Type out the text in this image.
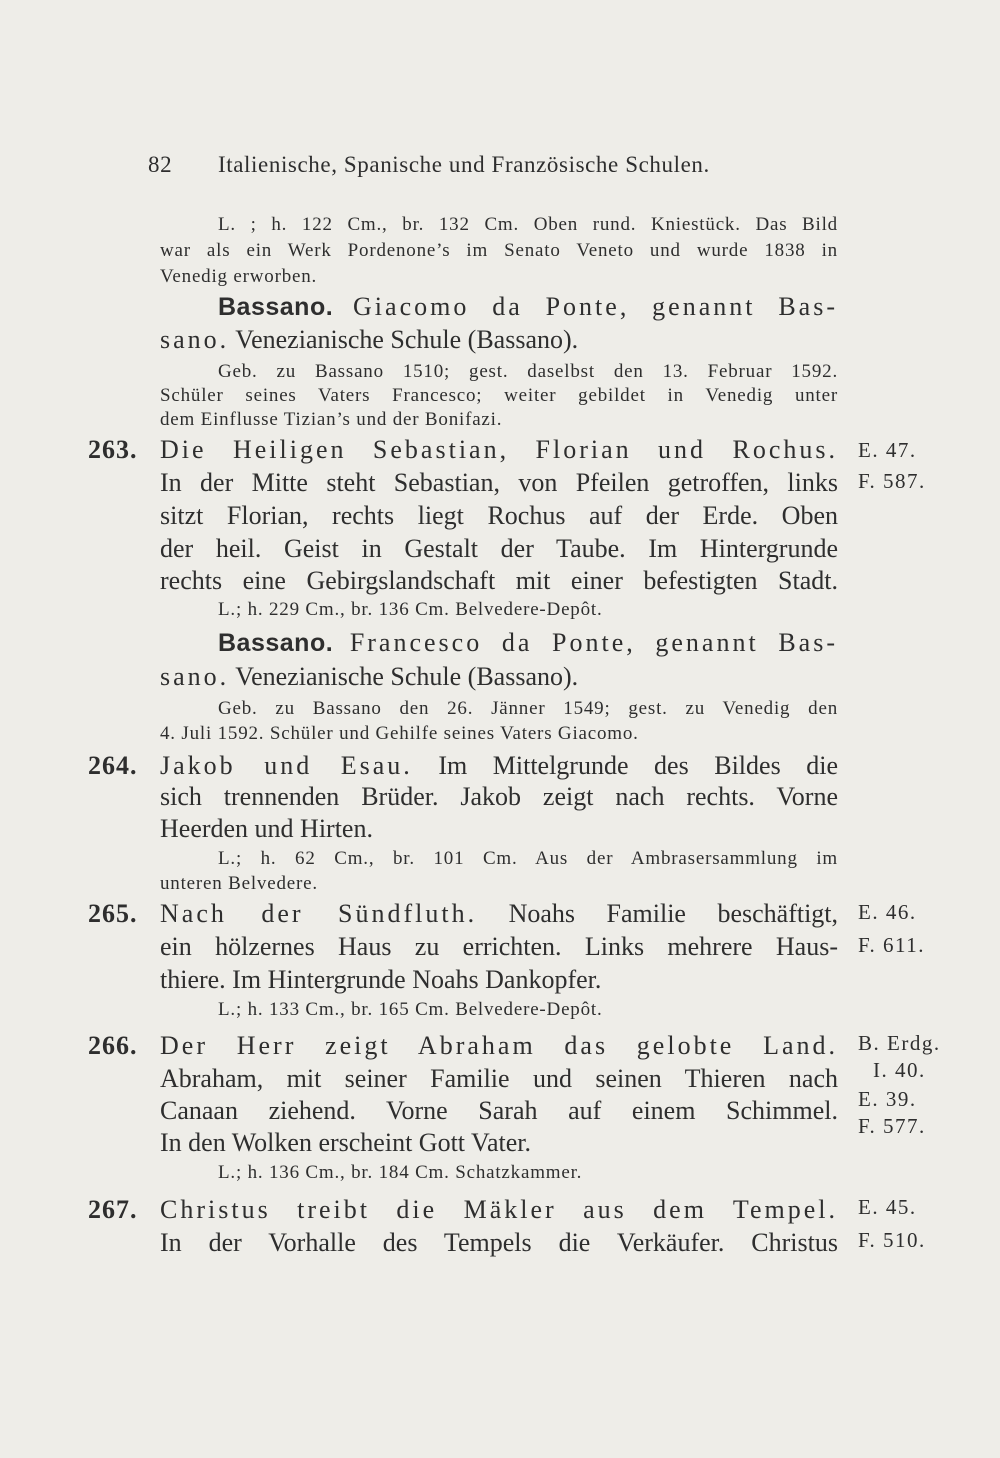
82 Italienische, Spanische und Französische Schulen.
L. ; h. 122 Cm., br. 132 Cm. Oben rund. Kniestück. Das Bild
war als ein Werk Pordenone’s im Senato Veneto und wurde 1838 in
Venedig erworben.
Bassano. Giacomo da Ponte, genannt Bas-
sano. Venezianische Schule (Bassano).
Geb. zu Bassano 1510; gest. daselbst den 13. Februar 1592.
Schüler seines Vaters Francesco; weiter gebildet in Venedig unter
dem Einflusse Tizian’s und der Bonifazi.
263. Die Heiligen Sebastian, Florian und Rochus.
In der Mitte steht Sebastian, von Pfeilen getroffen, links
sitzt Florian, rechts liegt Rochus auf der Erde. Oben
der heil. Geist in Gestalt der Taube. Im Hintergrunde
rechts eine Gebirgslandschaft mit einer befestigten Stadt.
L.; h. 229 Cm., br. 136 Cm. Belvedere-Depôt.
E. 47.
F. 587.
Bassano. Francesco da Ponte, genannt Bas-
sano. Venezianische Schule (Bassano).
Geb. zu Bassano den 26. Jänner 1549; gest. zu Venedig den
4. Juli 1592. Schüler und Gehilfe seines Vaters Giacomo.
264. Jakob und Esau. Im Mittelgrunde des Bildes die
sich trennenden Brüder. Jakob zeigt nach rechts. Vorne
Heerden und Hirten.
L.; h. 62 Cm., br. 101 Cm. Aus der Ambrasersammlung im
unteren Belvedere.
265. Nach der Sündfluth. Noahs Familie beschäftigt,
ein hölzernes Haus zu errichten. Links mehrere Haus-
thiere. Im Hintergrunde Noahs Dankopfer.
L.; h. 133 Cm., br. 165 Cm. Belvedere-Depôt.
E. 46.
F. 611.
266. Der Herr zeigt Abraham das gelobte Land.
Abraham, mit seiner Familie und seinen Thieren nach
Canaan ziehend. Vorne Sarah auf einem Schimmel.
In den Wolken erscheint Gott Vater.
L.; h. 136 Cm., br. 184 Cm. Schatzkammer.
B. Erdg.
I. 40.
E. 39.
F. 577.
267. Christus treibt die Mäkler aus dem Tempel.
In der Vorhalle des Tempels die Verkäufer. Christus
E. 45.
F. 510.
